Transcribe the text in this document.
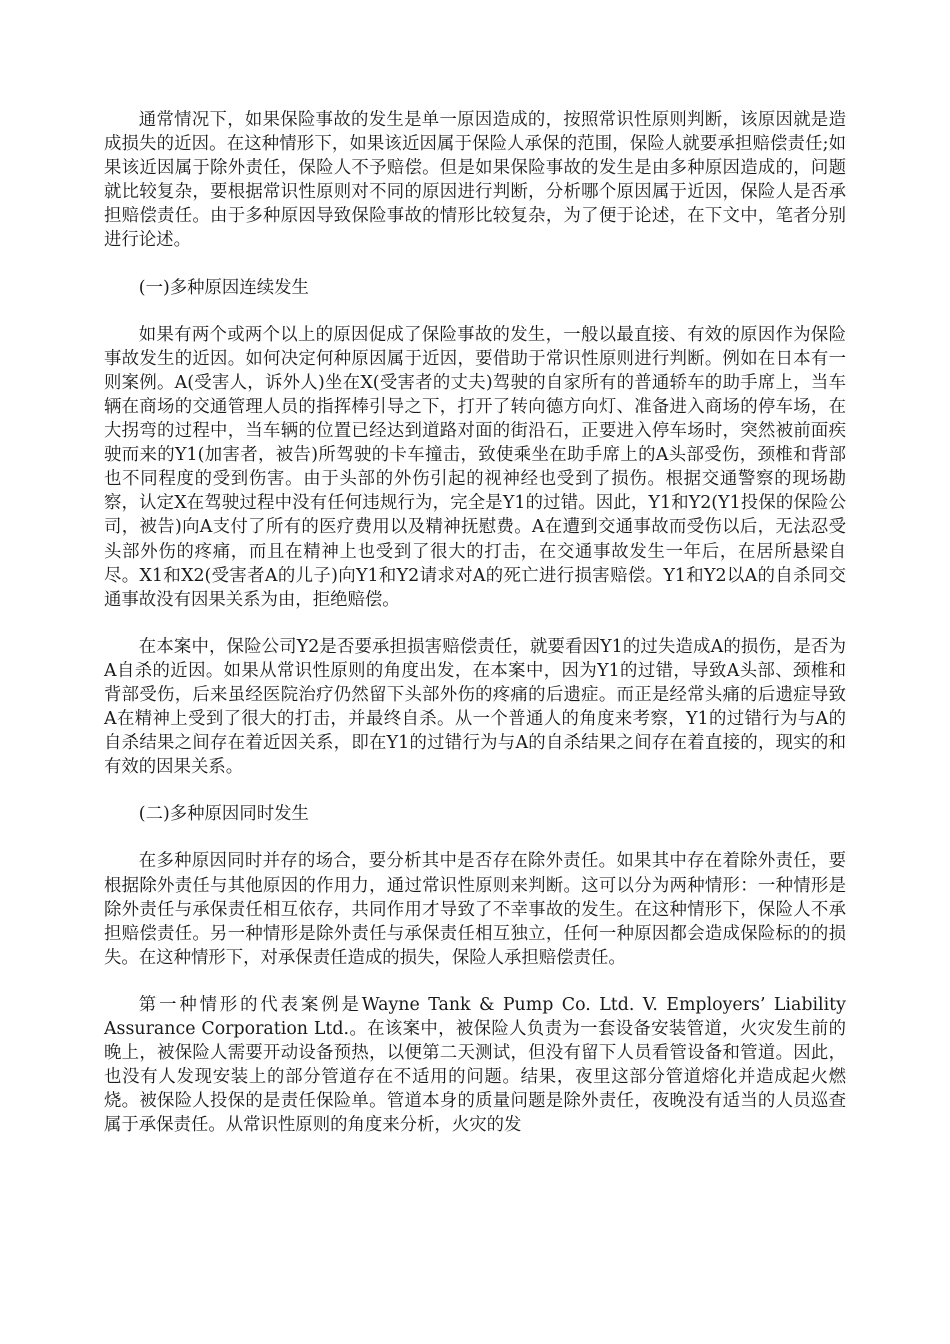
通常情况下，如果保险事故的发生是单一原因造成的，按照常识性原则判断，该原因就是造成损失的近因。在这种情形下，如果该近因属于保险人承保的范围，保险人就要承担赔偿责任;如果该近因属于除外责任，保险人不予赔偿。但是如果保险事故的发生是由多种原因造成的，问题就比较复杂，要根据常识性原则对不同的原因进行判断，分析哪个原因属于近因，保险人是否承担赔偿责任。由于多种原因导致保险事故的情形比较复杂，为了便于论述，在下文中，笔者分别进行论述。

(一)多种原因连续发生

如果有两个或两个以上的原因促成了保险事故的发生，一般以最直接、有效的原因作为保险事故发生的近因。如何决定何种原因属于近因，要借助于常识性原则进行判断。例如在日本有一则案例。A(受害人，诉外人)坐在X(受害者的丈夫)驾驶的自家所有的普通轿车的助手席上，当车辆在商场的交通管理人员的指挥棒引导之下，打开了转向德方向灯、准备进入商场的停车场，在大拐弯的过程中，当车辆的位置已经达到道路对面的街沿石，正要进入停车场时，突然被前面疾驶而来的Y1(加害者，被告)所驾驶的卡车撞击，致使乘坐在助手席上的A头部受伤，颈椎和背部也不同程度的受到伤害。由于头部的外伤引起的视神经也受到了损伤。根据交通警察的现场勘察，认定X在驾驶过程中没有任何违规行为，完全是Y1的过错。因此，Y1和Y2(Y1投保的保险公司，被告)向A支付了所有的医疗费用以及精神抚慰费。A在遭到交通事故而受伤以后，无法忍受头部外伤的疼痛，而且在精神上也受到了很大的打击，在交通事故发生一年后，在居所悬梁自尽。X1和X2(受害者A的儿子)向Y1和Y2请求对A的死亡进行损害赔偿。Y1和Y2以A的自杀同交通事故没有因果关系为由，拒绝赔偿。

在本案中，保险公司Y2是否要承担损害赔偿责任，就要看因Y1的过失造成A的损伤，是否为A自杀的近因。如果从常识性原则的角度出发，在本案中，因为Y1的过错，导致A头部、颈椎和背部受伤，后来虽经医院治疗仍然留下头部外伤的疼痛的后遗症。而正是经常头痛的后遗症导致A在精神上受到了很大的打击，并最终自杀。从一个普通人的角度来考察，Y1的过错行为与A的自杀结果之间存在着近因关系，即在Y1的过错行为与A的自杀结果之间存在着直接的，现实的和有效的因果关系。

(二)多种原因同时发生

在多种原因同时并存的场合，要分析其中是否存在除外责任。如果其中存在着除外责任，要根据除外责任与其他原因的作用力，通过常识性原则来判断。这可以分为两种情形：一种情形是除外责任与承保责任相互依存，共同作用才导致了不幸事故的发生。在这种情形下，保险人不承担赔偿责任。另一种情形是除外责任与承保责任相互独立，任何一种原因都会造成保险标的的损失。在这种情形下，对承保责任造成的损失，保险人承担赔偿责任。

第一种情形的代表案例是Wayne Tank & Pump Co. Ltd. V. Employers’ Liability Assurance Corporation Ltd.。在该案中，被保险人负责为一套设备安装管道，火灾发生前的晚上，被保险人需要开动设备预热，以便第二天测试，但没有留下人员看管设备和管道。因此，也没有人发现安装上的部分管道存在不适用的问题。结果，夜里这部分管道熔化并造成起火燃烧。被保险人投保的是责任保险单。管道本身的质量问题是除外责任，夜晚没有适当的人员巡查属于承保责任。从常识性原则的角度来分析，火灾的发
